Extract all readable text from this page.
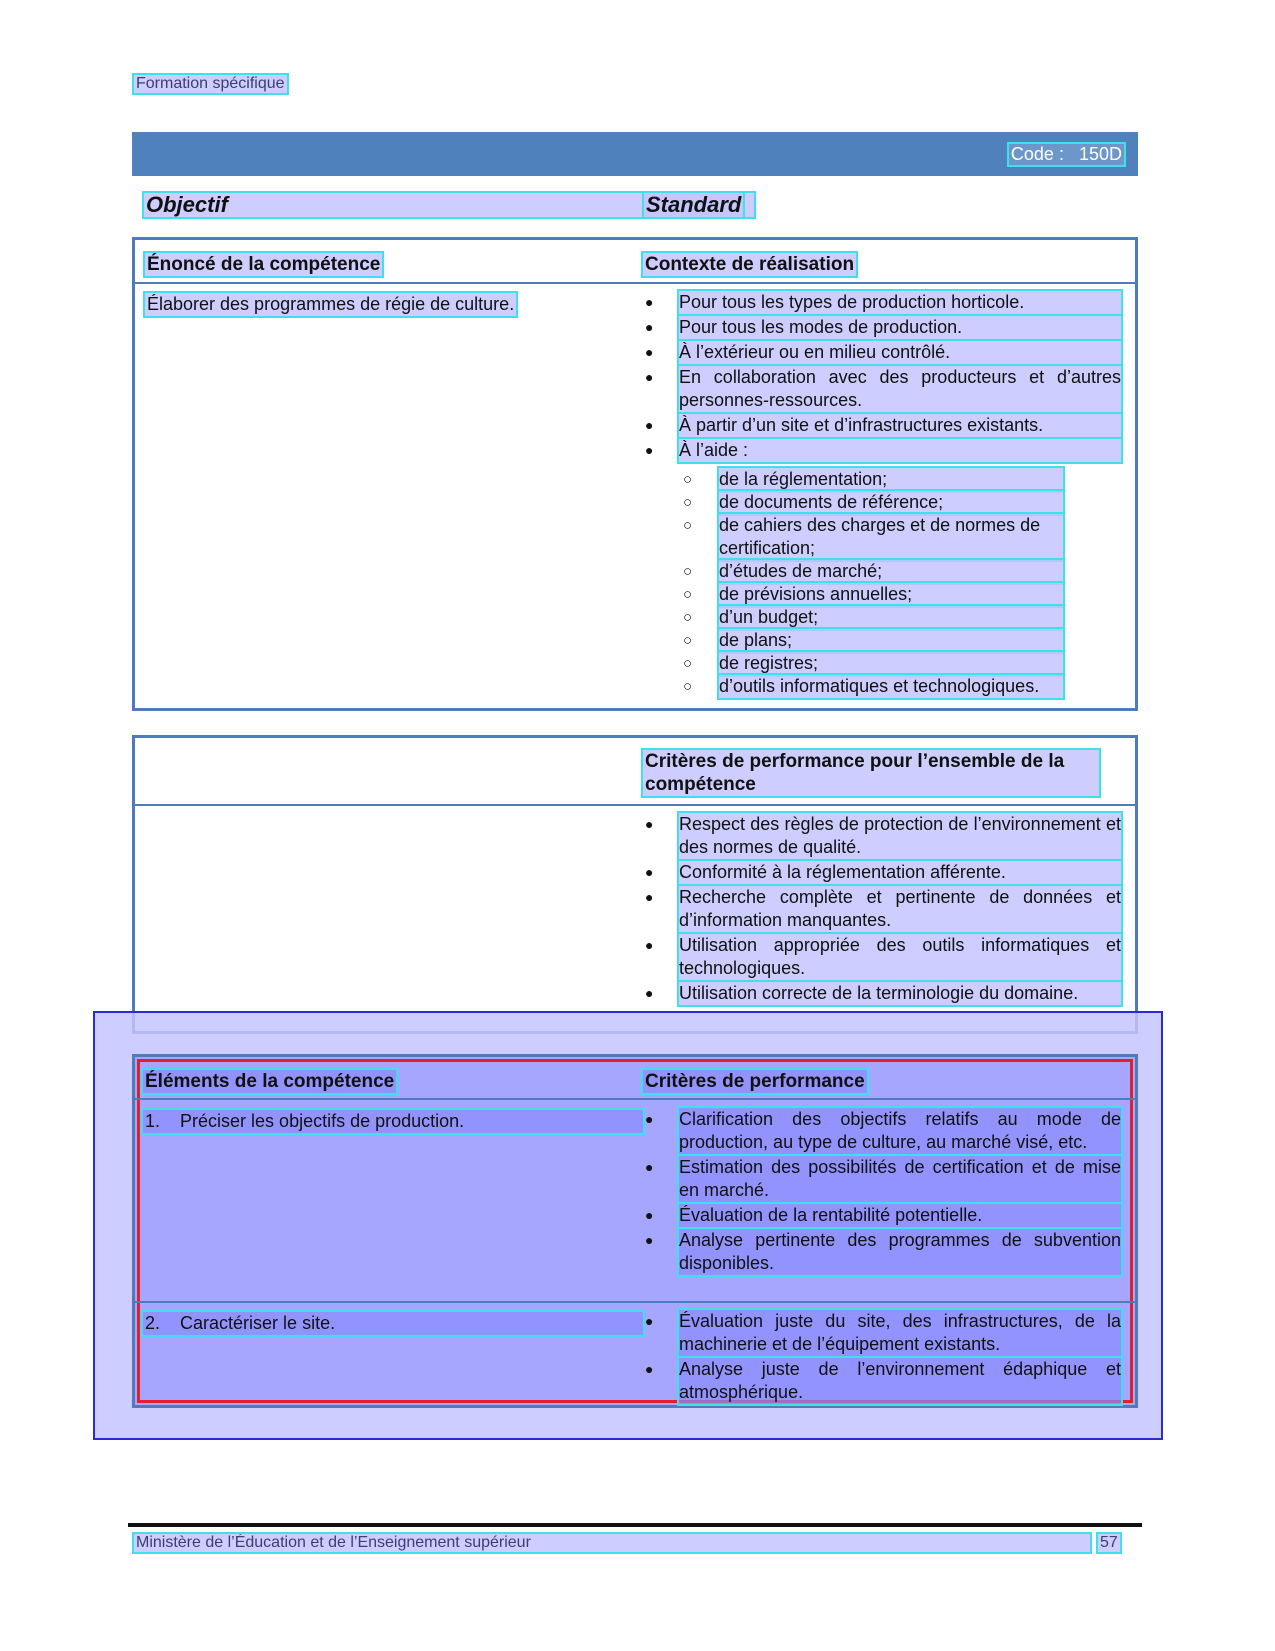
Formation spécifique
Code : 150D
Objectif	Standard
Énoncé de la compétence	Contexte de réalisation
Élaborer des programmes de régie de culture.	●	Pour tous les types de production horticole.
●	Pour tous les modes de production.
●	À l’extérieur ou en milieu contrôlé.
●	En collaboration avec des producteurs et d’autres personnes-ressources.
●	À partir d’un site et d’infrastructures existants.
●	À l’aide :
○	de la réglementation;
○	de documents de référence;
○	de cahiers des charges et de normes de certification;
○	d’études de marché;
○	de prévisions annuelles;
○	d’un budget;
○	de plans;
○	de registres;
○	d’outils informatiques et technologiques.
Critères de performance pour l’ensemble de la compétence
●	Respect des règles de protection de l’environnement et des normes de qualité.
●	Conformité à la réglementation afférente.
●	Recherche complète et pertinente de données et d’information manquantes.
●	Utilisation appropriée des outils informatiques et technologiques.
●	Utilisation correcte de la terminologie du domaine.
Éléments de la compétence	Critères de performance
1. Préciser les objectifs de production.	●	Clarification des objectifs relatifs au mode de production, au type de culture, au marché visé, etc.
●	Estimation des possibilités de certification et de mise en marché.
●	Évaluation de la rentabilité potentielle.
●	Analyse pertinente des programmes de subvention disponibles.
2. Caractériser le site.	●	Évaluation juste du site, des infrastructures, de la machinerie et de l’équipement existants.
●	Analyse juste de l’environnement édaphique et atmosphérique.
Ministère de l’Éducation et de l’Enseignement supérieur	57
